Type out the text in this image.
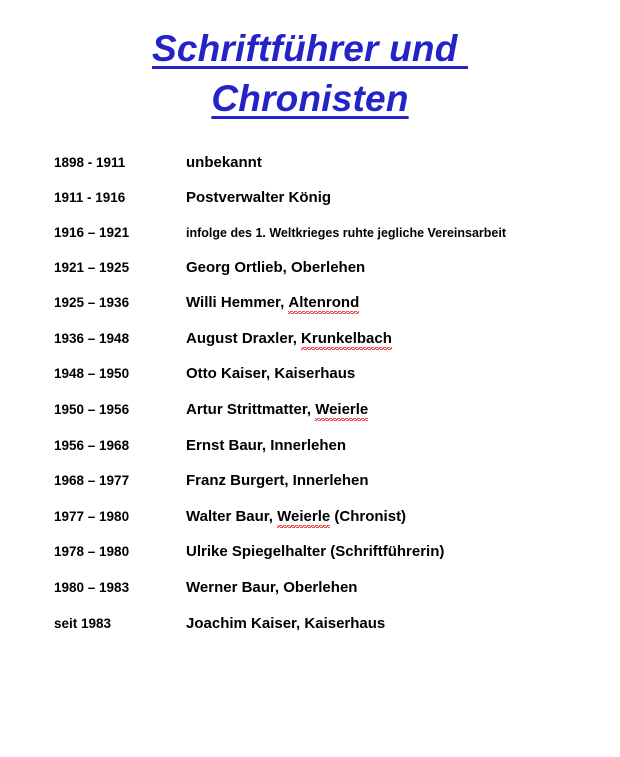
Schriftführer und
Chronisten
1898 - 1911	unbekannt
1911 - 1916	Postverwalter König
1916 – 1921	infolge des 1. Weltkrieges ruhte jegliche Vereinsarbeit
1921 – 1925	Georg Ortlieb, Oberlehen
1925 – 1936	Willi Hemmer, Altenrond
1936 – 1948	August Draxler, Krunkelbach
1948 – 1950	Otto Kaiser, Kaiserhaus
1950 – 1956	Artur Strittmatter, Weierle
1956 – 1968	Ernst Baur, Innerlehen
1968 – 1977	Franz Burgert, Innerlehen
1977 – 1980	Walter Baur, Weierle (Chronist)
1978 – 1980	Ulrike Spiegelhalter (Schriftführerin)
1980 – 1983	Werner Baur, Oberlehen
seit 1983	Joachim Kaiser, Kaiserhaus
